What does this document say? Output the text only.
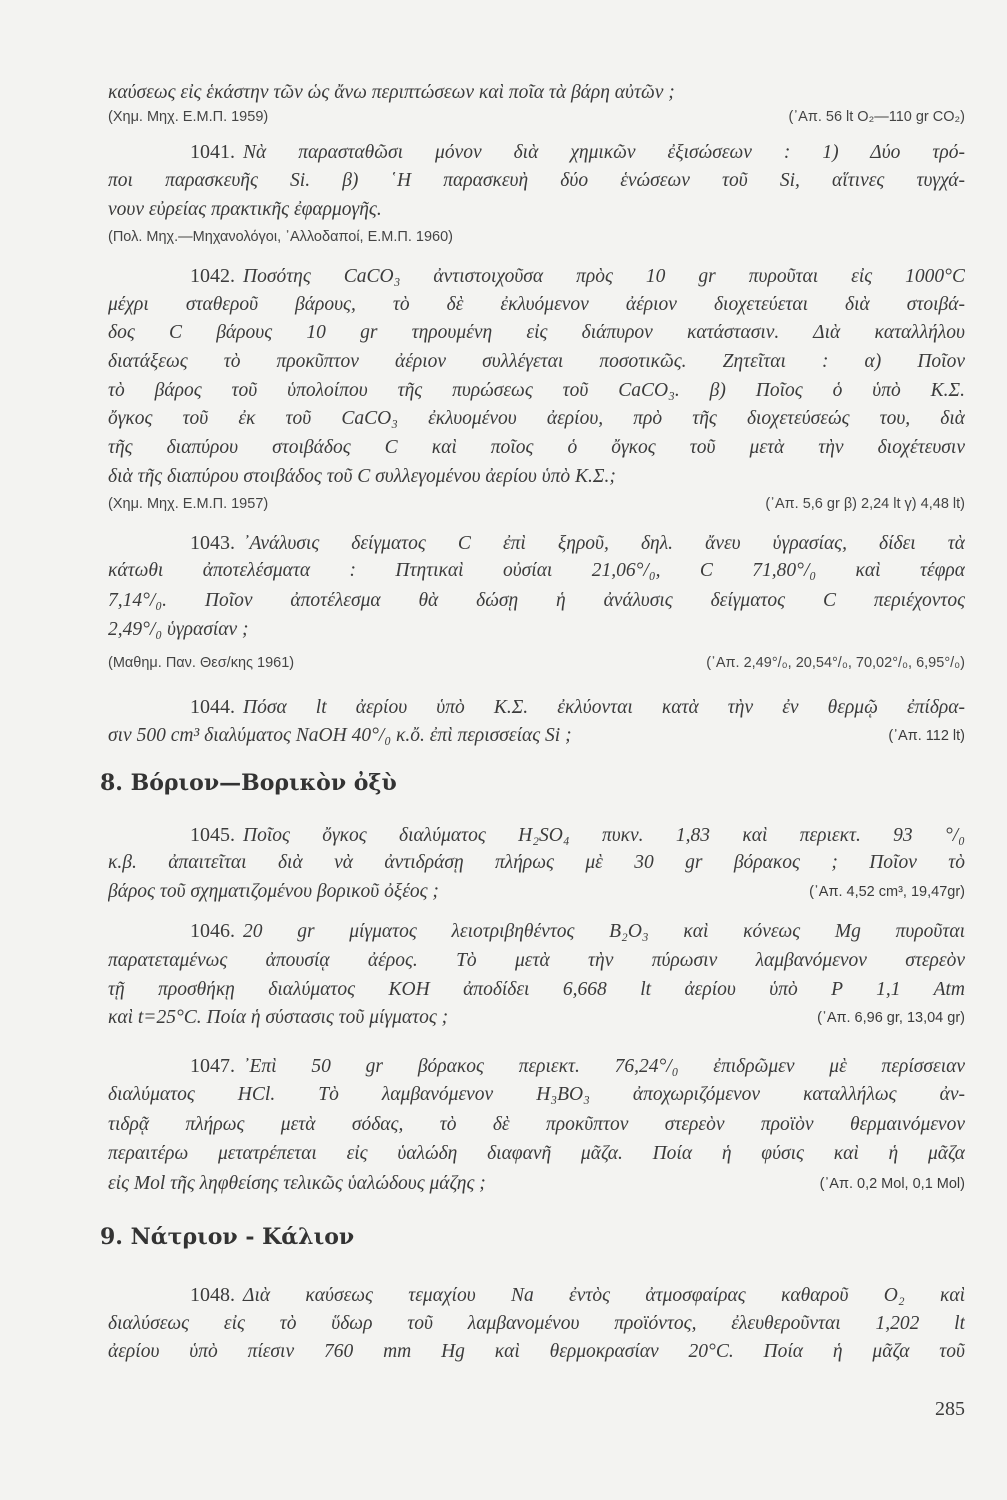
καύσεως εἰς ἑκάστην τῶν ὡς ἄνω περιπτώσεων καὶ ποῖα τὰ βάρη αὐτῶν ;
(Χημ. Μηχ. Ε.Μ.Π. 1959)	(᾿Απ. 56 lt O₂—110 gr CO₂)
1041. Νὰ παρασταθῶσι μόνον διὰ χημικῶν ἐξισώσεων : 1) Δύο τρό-
ποι παρασκευῆς Si. β) ῾Η παρασκευὴ δύο ἑνώσεων τοῦ Si, αἵτινες τυγχά-
νουν εὐρείας πρακτικῆς ἐφαρμογῆς.
(Πολ. Μηχ.—Μηχανολόγοι, ᾿Αλλοδαποί, Ε.Μ.Π. 1960)
1042. Ποσότης CaCO₃ ἀντιστοιχοῦσα πρὸς 10 gr πυροῦται εἰς 1000°C
μέχρι σταθεροῦ βάρους, τὸ δὲ ἐκλυόμενον ἀέριον διοχετεύεται διὰ στοιβά-
δος C βάρους 10 gr τηρουμένη εἰς διάπυρον κατάστασιν. Διὰ καταλλήλου
διατάξεως τὸ προκῦπτον ἀέριον συλλέγεται ποσοτικῶς. Ζητεῖται : α) Ποῖον
τὸ βάρος τοῦ ὑπολοίπου τῆς πυρώσεως τοῦ CaCO₃. β) Ποῖος ὁ ὑπὸ Κ.Σ.
ὄγκος τοῦ ἐκ τοῦ CaCO₃ ἐκλυομένου ἀερίου, πρὸ τῆς διοχετεύσεώς του, διὰ
τῆς διαπύρου στοιβάδος C καὶ ποῖος ὁ ὄγκος τοῦ μετὰ τὴν διοχέτευσιν
διὰ τῆς διαπύρου στοιβάδος τοῦ C συλλεγομένου ἀερίου ὑπὸ Κ.Σ.;
(Χημ. Μηχ. Ε.Μ.Π. 1957)	(᾿Απ. 5,6 gr β) 2,24 lt γ) 4,48 lt)
1043. ᾿Ανάλυσις δείγματος C ἐπὶ ξηροῦ, δηλ. ἄνευ ὑγρασίας, δίδει τὰ
κάτωθι ἀποτελέσματα : Πτητικαὶ οὐσίαι 21,06°/₀, C 71,80°/₀ καὶ τέφρα
7,14°/₀. Ποῖον ἀποτέλεσμα θὰ δώσῃ ἡ ἀνάλυσις δείγματος C περιέχοντος
2,49°/₀ ὑγρασίαν ;
(Μαθημ. Παν. Θεσ/κης 1961)	(᾿Απ. 2,49°/₀, 20,54°/₀, 70,02°/₀, 6,95°/₀)
1044. Πόσα lt ἀερίου ὑπὸ Κ.Σ. ἐκλύονται κατὰ τὴν ἐν θερμῷ ἐπίδρα-
σιν 500 cm³ διαλύματος NaOH 40°/₀ κ.ὄ. ἐπὶ περισσείας Si ;	(᾿Απ. 112 lt)
8. Βόριον—Βορικὸν ὀξὺ
1045. Ποῖος ὄγκος διαλύματος H₂SO₄ πυκν. 1,83 καὶ περιεκτ. 93 °/₀
κ.β. ἀπαιτεῖται διὰ νὰ ἀντιδράσῃ πλήρως μὲ 30 gr βόρακος ; Ποῖον τὸ
βάρος τοῦ σχηματιζομένου βορικοῦ ὀξέος ;	(᾿Απ. 4,52 cm³, 19,47gr)
1046. 20 gr μίγματος λειοτριβηθέντος B₂O₃ καὶ κόνεως Mg πυροῦται
παρατεταμένως ἀπουσίᾳ ἀέρος. Τὸ μετὰ τὴν πύρωσιν λαμβανόμενον στερεὸν
τῇ προσθήκῃ διαλύματος KOH ἀποδίδει 6,668 lt ἀερίου ὑπὸ P 1,1 Atm
καὶ t=25°C. Ποία ἡ σύστασις τοῦ μίγματος ;	(᾿Απ. 6,96 gr, 13,04 gr)
1047. ᾿Επὶ 50 gr βόρακος περιεκτ. 76,24°/₀ ἐπιδρῶμεν μὲ περίσσειαν
διαλύματος HCl. Τὸ λαμβανόμενον H₃BO₃ ἀποχωριζόμενον καταλλήλως ἀν-
τιδρᾷ πλήρως μετὰ σόδας, τὸ δὲ προκῦπτον στερεὸν προϊὸν θερμαινόμενον
περαιτέρω μετατρέπεται εἰς ὑαλώδη διαφανῆ μᾶζα. Ποία ἡ φύσις καὶ ἡ μᾶζα
εἰς Mol τῆς ληφθείσης τελικῶς ὑαλώδους μάζης ;	(᾿Απ. 0,2 Mol, 0,1 Mol)
9. Νάτριον - Κάλιον
1048. Διὰ καύσεως τεμαχίου Na ἐντὸς ἀτμοσφαίρας καθαροῦ O₂ καὶ
διαλύσεως εἰς τὸ ὕδωρ τοῦ λαμβανομένου προϊόντος, ἐλευθεροῦνται 1,202 lt
ἀερίου ὑπὸ πίεσιν 760 mm Hg καὶ θερμοκρασίαν 20°C. Ποία ἡ μᾶζα τοῦ
285
